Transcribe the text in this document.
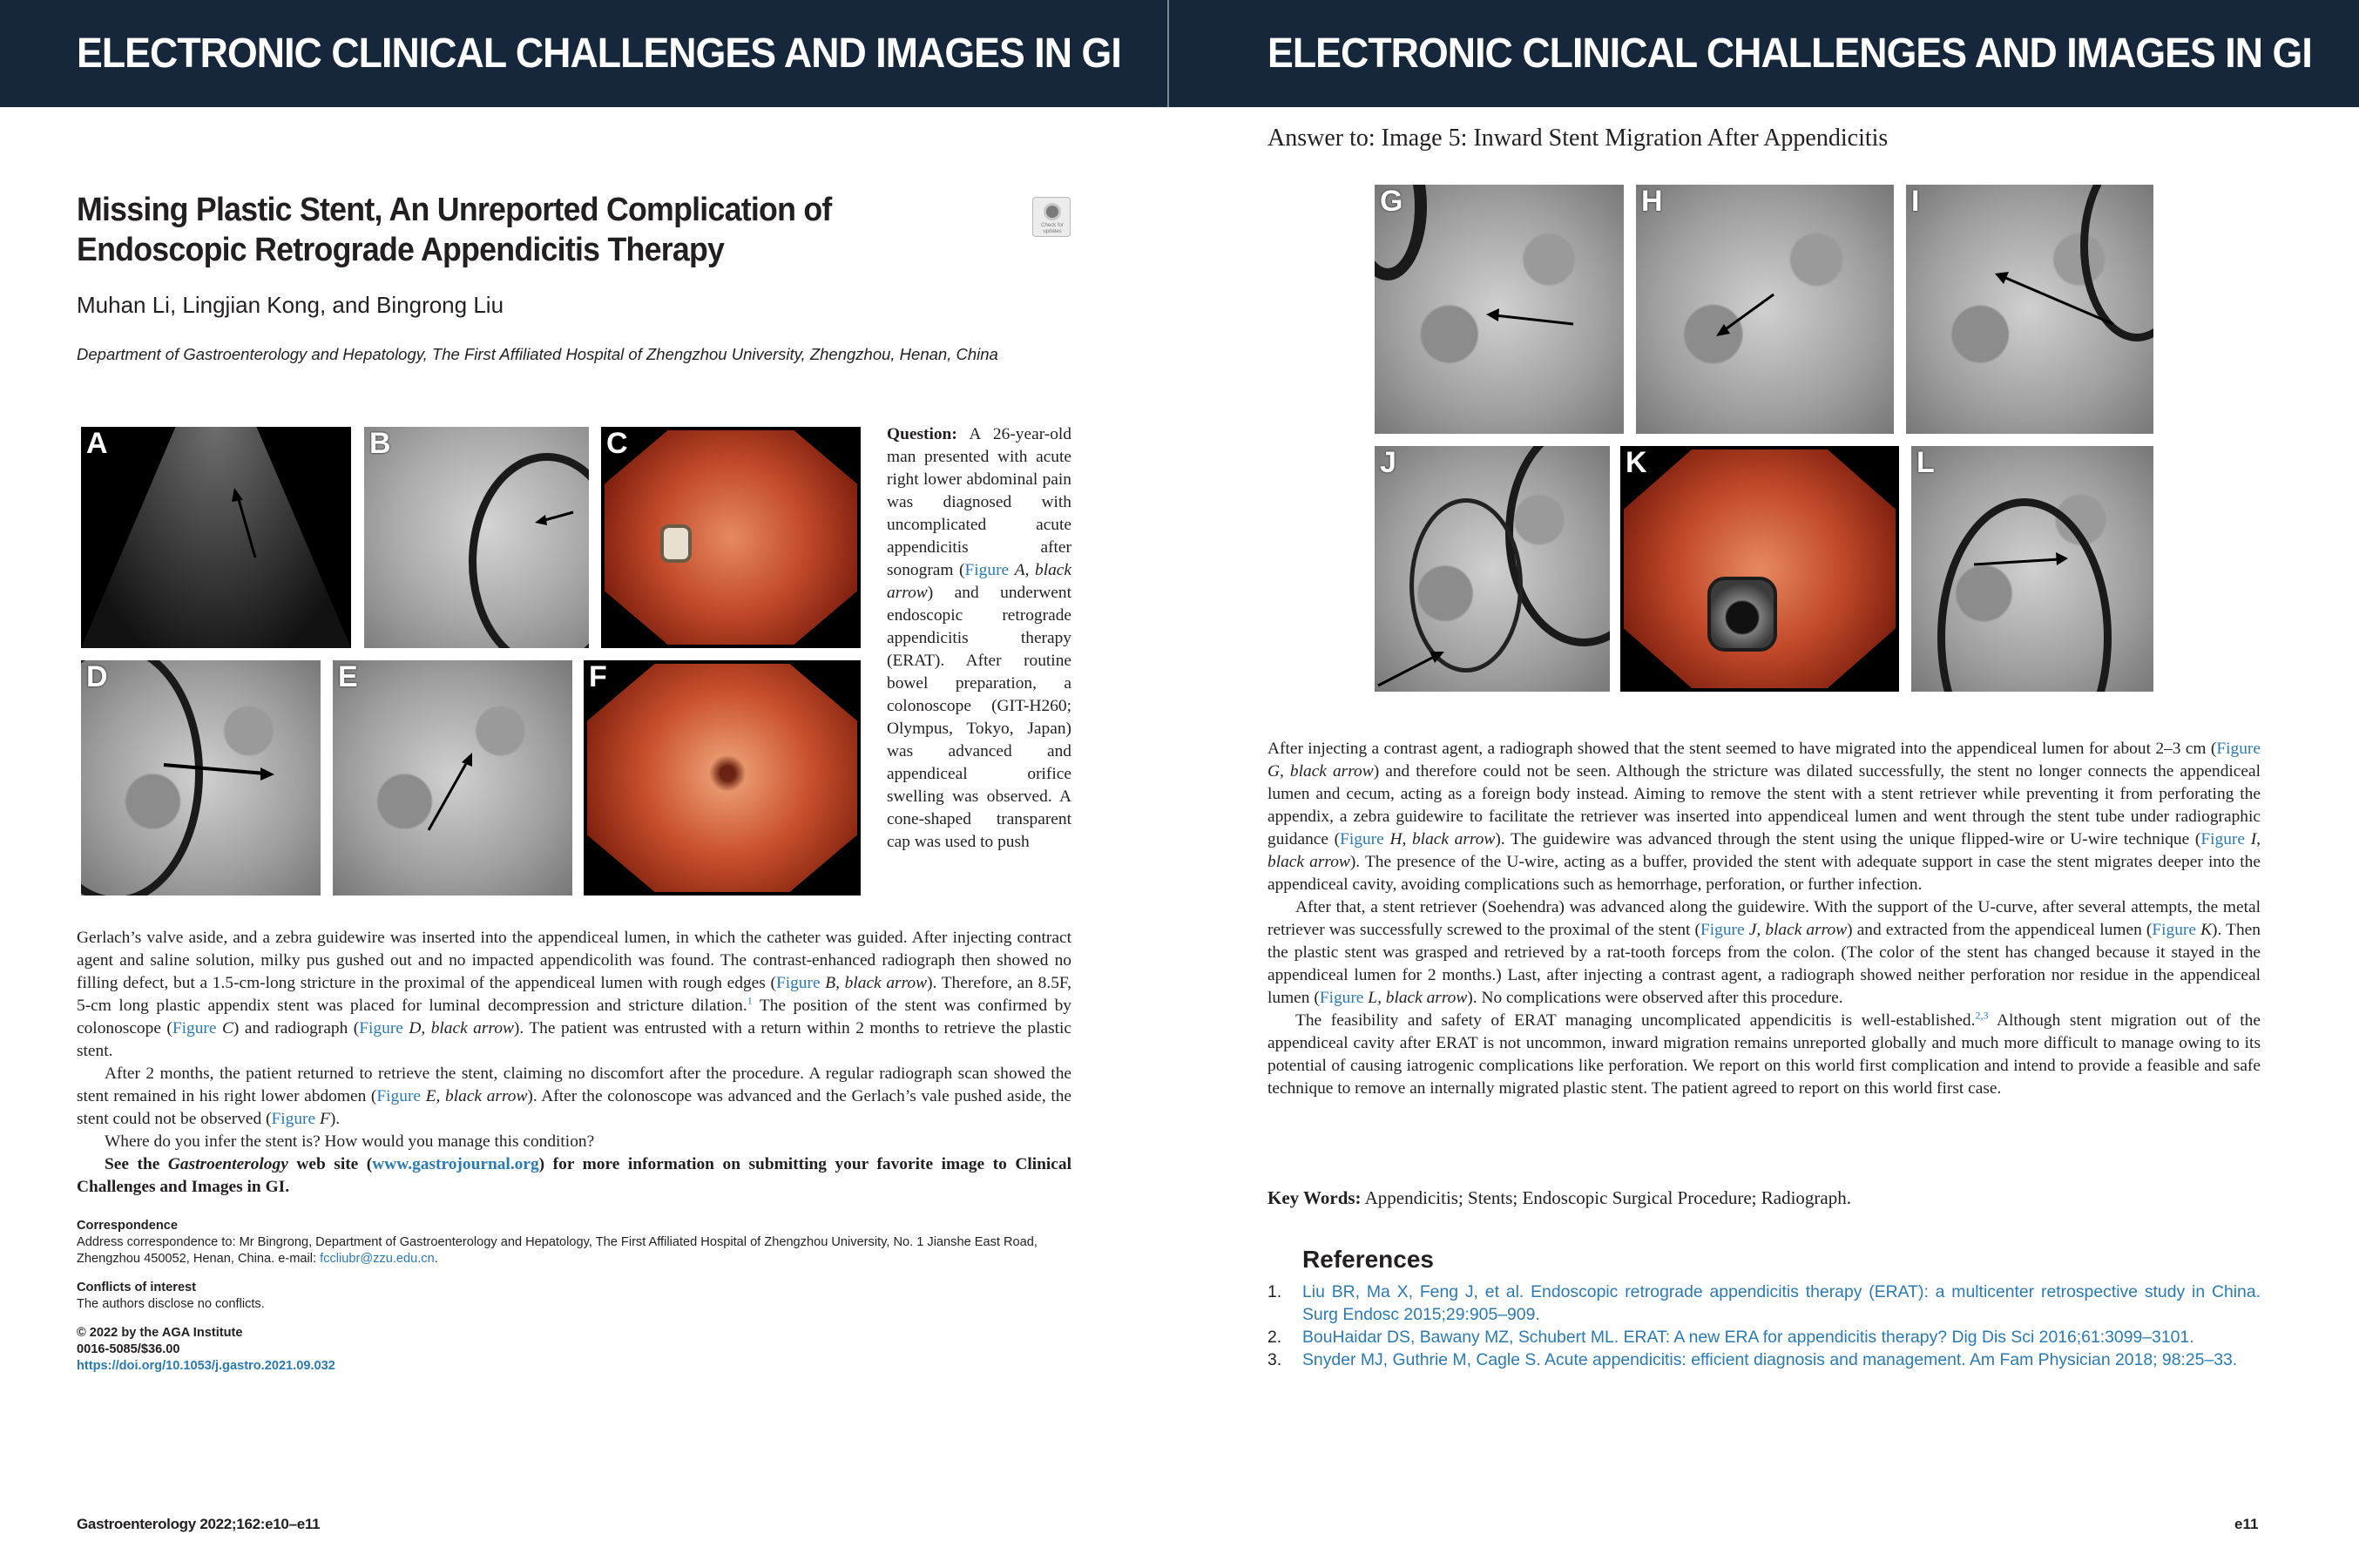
ELECTRONIC CLINICAL CHALLENGES AND IMAGES IN GI
Missing Plastic Stent, An Unreported Complication of Endoscopic Retrograde Appendicitis Therapy
Check for updates
Muhan Li, Lingjian Kong, and Bingrong Liu
Department of Gastroenterology and Hepatology, The First Affiliated Hospital of Zhengzhou University, Zhengzhou, Henan, China
A	B	C
D	E	F
Question: A 26-year-old man presented with acute right lower abdominal pain was diagnosed with uncomplicated acute appendicitis after sonogram (Figure A, black arrow) and underwent endoscopic retrograde appendicitis therapy (ERAT). After routine bowel preparation, a colonoscope (GIT-H260; Olympus, Tokyo, Japan) was advanced and appendiceal orifice swelling was observed. A cone-shaped transparent cap was used to push

Gerlach’s valve aside, and a zebra guidewire was inserted into the appendiceal lumen, in which the catheter was guided. After injecting contract agent and saline solution, milky pus gushed out and no impacted appendicolith was found. The contrast-enhanced radiograph then showed no filling defect, but a 1.5-cm-long stricture in the proximal of the appendiceal lumen with rough edges (Figure B, black arrow). Therefore, an 8.5F, 5-cm long plastic appendix stent was placed for luminal decompression and stricture dilation.$^1$ The position of the stent was confirmed by colonoscope (Figure C) and radiograph (Figure D, black arrow). The patient was entrusted with a return within 2 months to retrieve the plastic stent.

After 2 months, the patient returned to retrieve the stent, claiming no discomfort after the procedure. A regular radiograph scan showed the stent remained in his right lower abdomen (Figure E, black arrow). After the colonoscope was advanced and the Gerlach’s vale pushed aside, the stent could not be observed (Figure F).

Where do you infer the stent is? How would you manage this condition?

See the Gastroenterology web site (www.gastrojournal.org) for more information on submitting your favorite image to Clinical Challenges and Images in GI.

Correspondence
Address correspondence to: Mr Bingrong, Department of Gastroenterology and Hepatology, The First Affiliated Hospital of Zhengzhou University, No. 1 Jianshe East Road, Zhengzhou 450052, Henan, China. e-mail: fccliubr@zzu.edu.cn.
Conflicts of interest
The authors disclose no conflicts.
© 2022 by the AGA Institute
0016-5085/$36.00
https://doi.org/10.1053/j.gastro.2021.09.032
Gastroenterology 2022;162:e10–e11
ELECTRONIC CLINICAL CHALLENGES AND IMAGES IN GI
Answer to: Image 5: Inward Stent Migration After Appendicitis
G	H	I
J	K	L

After injecting a contrast agent, a radiograph showed that the stent seemed to have migrated into the appendiceal lumen for about 2–3 cm (Figure G, black arrow) and therefore could not be seen. Although the stricture was dilated successfully, the stent no longer connects the appendiceal lumen and cecum, acting as a foreign body instead. Aiming to remove the stent with a stent retriever while preventing it from perforating the appendix, a zebra guidewire to facilitate the retriever was inserted into appendiceal lumen and went through the stent tube under radiographic guidance (Figure H, black arrow). The guidewire was advanced through the stent using the unique flipped-wire or U-wire technique (Figure I, black arrow). The presence of the U-wire, acting as a buffer, provided the stent with adequate support in case the stent migrates deeper into the appendiceal cavity, avoiding complications such as hemorrhage, perforation, or further infection.

After that, a stent retriever (Soehendra) was advanced along the guidewire. With the support of the U-curve, after several attempts, the metal retriever was successfully screwed to the proximal of the stent (Figure J, black arrow) and extracted from the appendiceal lumen (Figure K). Then the plastic stent was grasped and retrieved by a rat-tooth forceps from the colon. (The color of the stent has changed because it stayed in the appendiceal lumen for 2 months.) Last, after injecting a contrast agent, a radiograph showed neither perforation nor residue in the appendiceal lumen (Figure L, black arrow). No complications were observed after this procedure.

The feasibility and safety of ERAT managing uncomplicated appendicitis is well-established.$^{2,3}$ Although stent migration out of the appendiceal cavity after ERAT is not uncommon, inward migration remains unreported globally and much more difficult to manage owing to its potential of causing iatrogenic complications like perforation. We report on this world first complication and intend to provide a feasible and safe technique to remove an internally migrated plastic stent. The patient agreed to report on this world first case.

Key Words: Appendicitis; Stents; Endoscopic Surgical Procedure; Radiograph.
References
1. Liu BR, Ma X, Feng J, et al. Endoscopic retrograde appendicitis therapy (ERAT): a multicenter retrospective study in China. Surg Endosc 2015;29:905–909.
2. BouHaidar DS, Bawany MZ, Schubert ML. ERAT: A new ERA for appendicitis therapy? Dig Dis Sci 2016;61:3099–3101.
3. Snyder MJ, Guthrie M, Cagle S. Acute appendicitis: efficient diagnosis and management. Am Fam Physician 2018; 98:25–33.
e11
